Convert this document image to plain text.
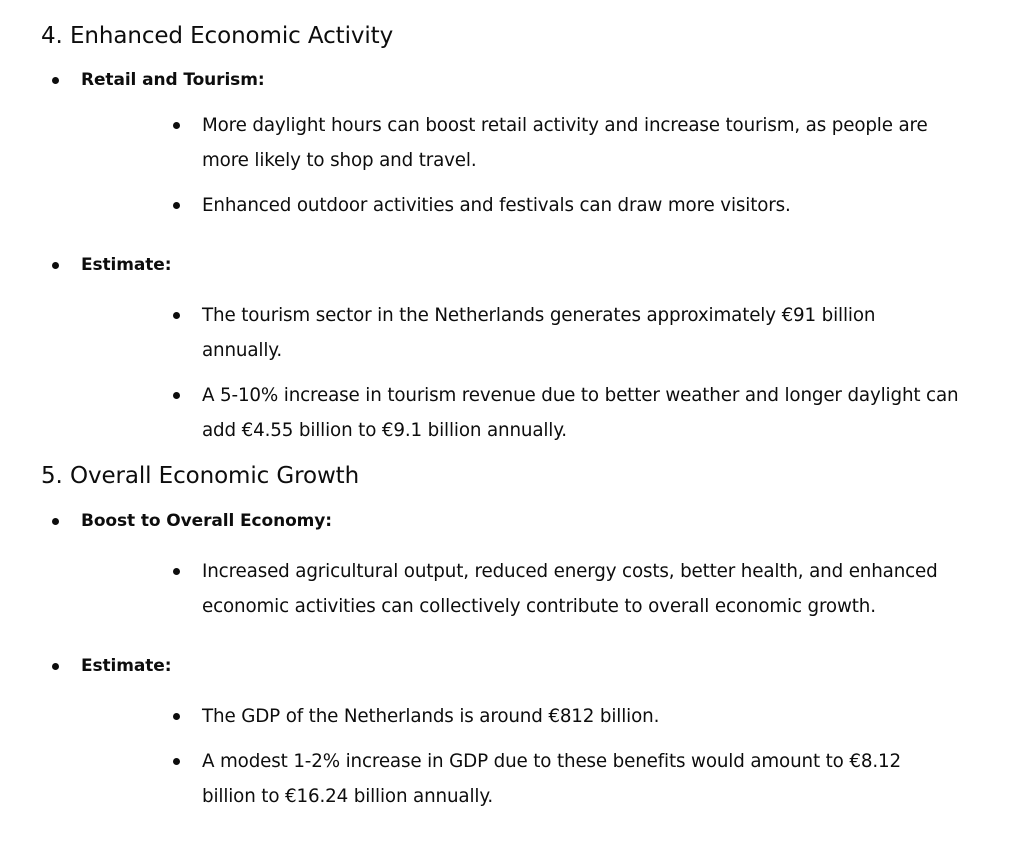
4. Enhanced Economic Activity
Retail and Tourism:
More daylight hours can boost retail activity and increase tourism, as people are more likely to shop and travel.
Enhanced outdoor activities and festivals can draw more visitors.
Estimate:
The tourism sector in the Netherlands generates approximately €91 billion annually.
A 5-10% increase in tourism revenue due to better weather and longer daylight can add €4.55 billion to €9.1 billion annually.
5. Overall Economic Growth
Boost to Overall Economy:
Increased agricultural output, reduced energy costs, better health, and enhanced economic activities can collectively contribute to overall economic growth.
Estimate:
The GDP of the Netherlands is around €812 billion.
A modest 1-2% increase in GDP due to these benefits would amount to €8.12 billion to €16.24 billion annually.
